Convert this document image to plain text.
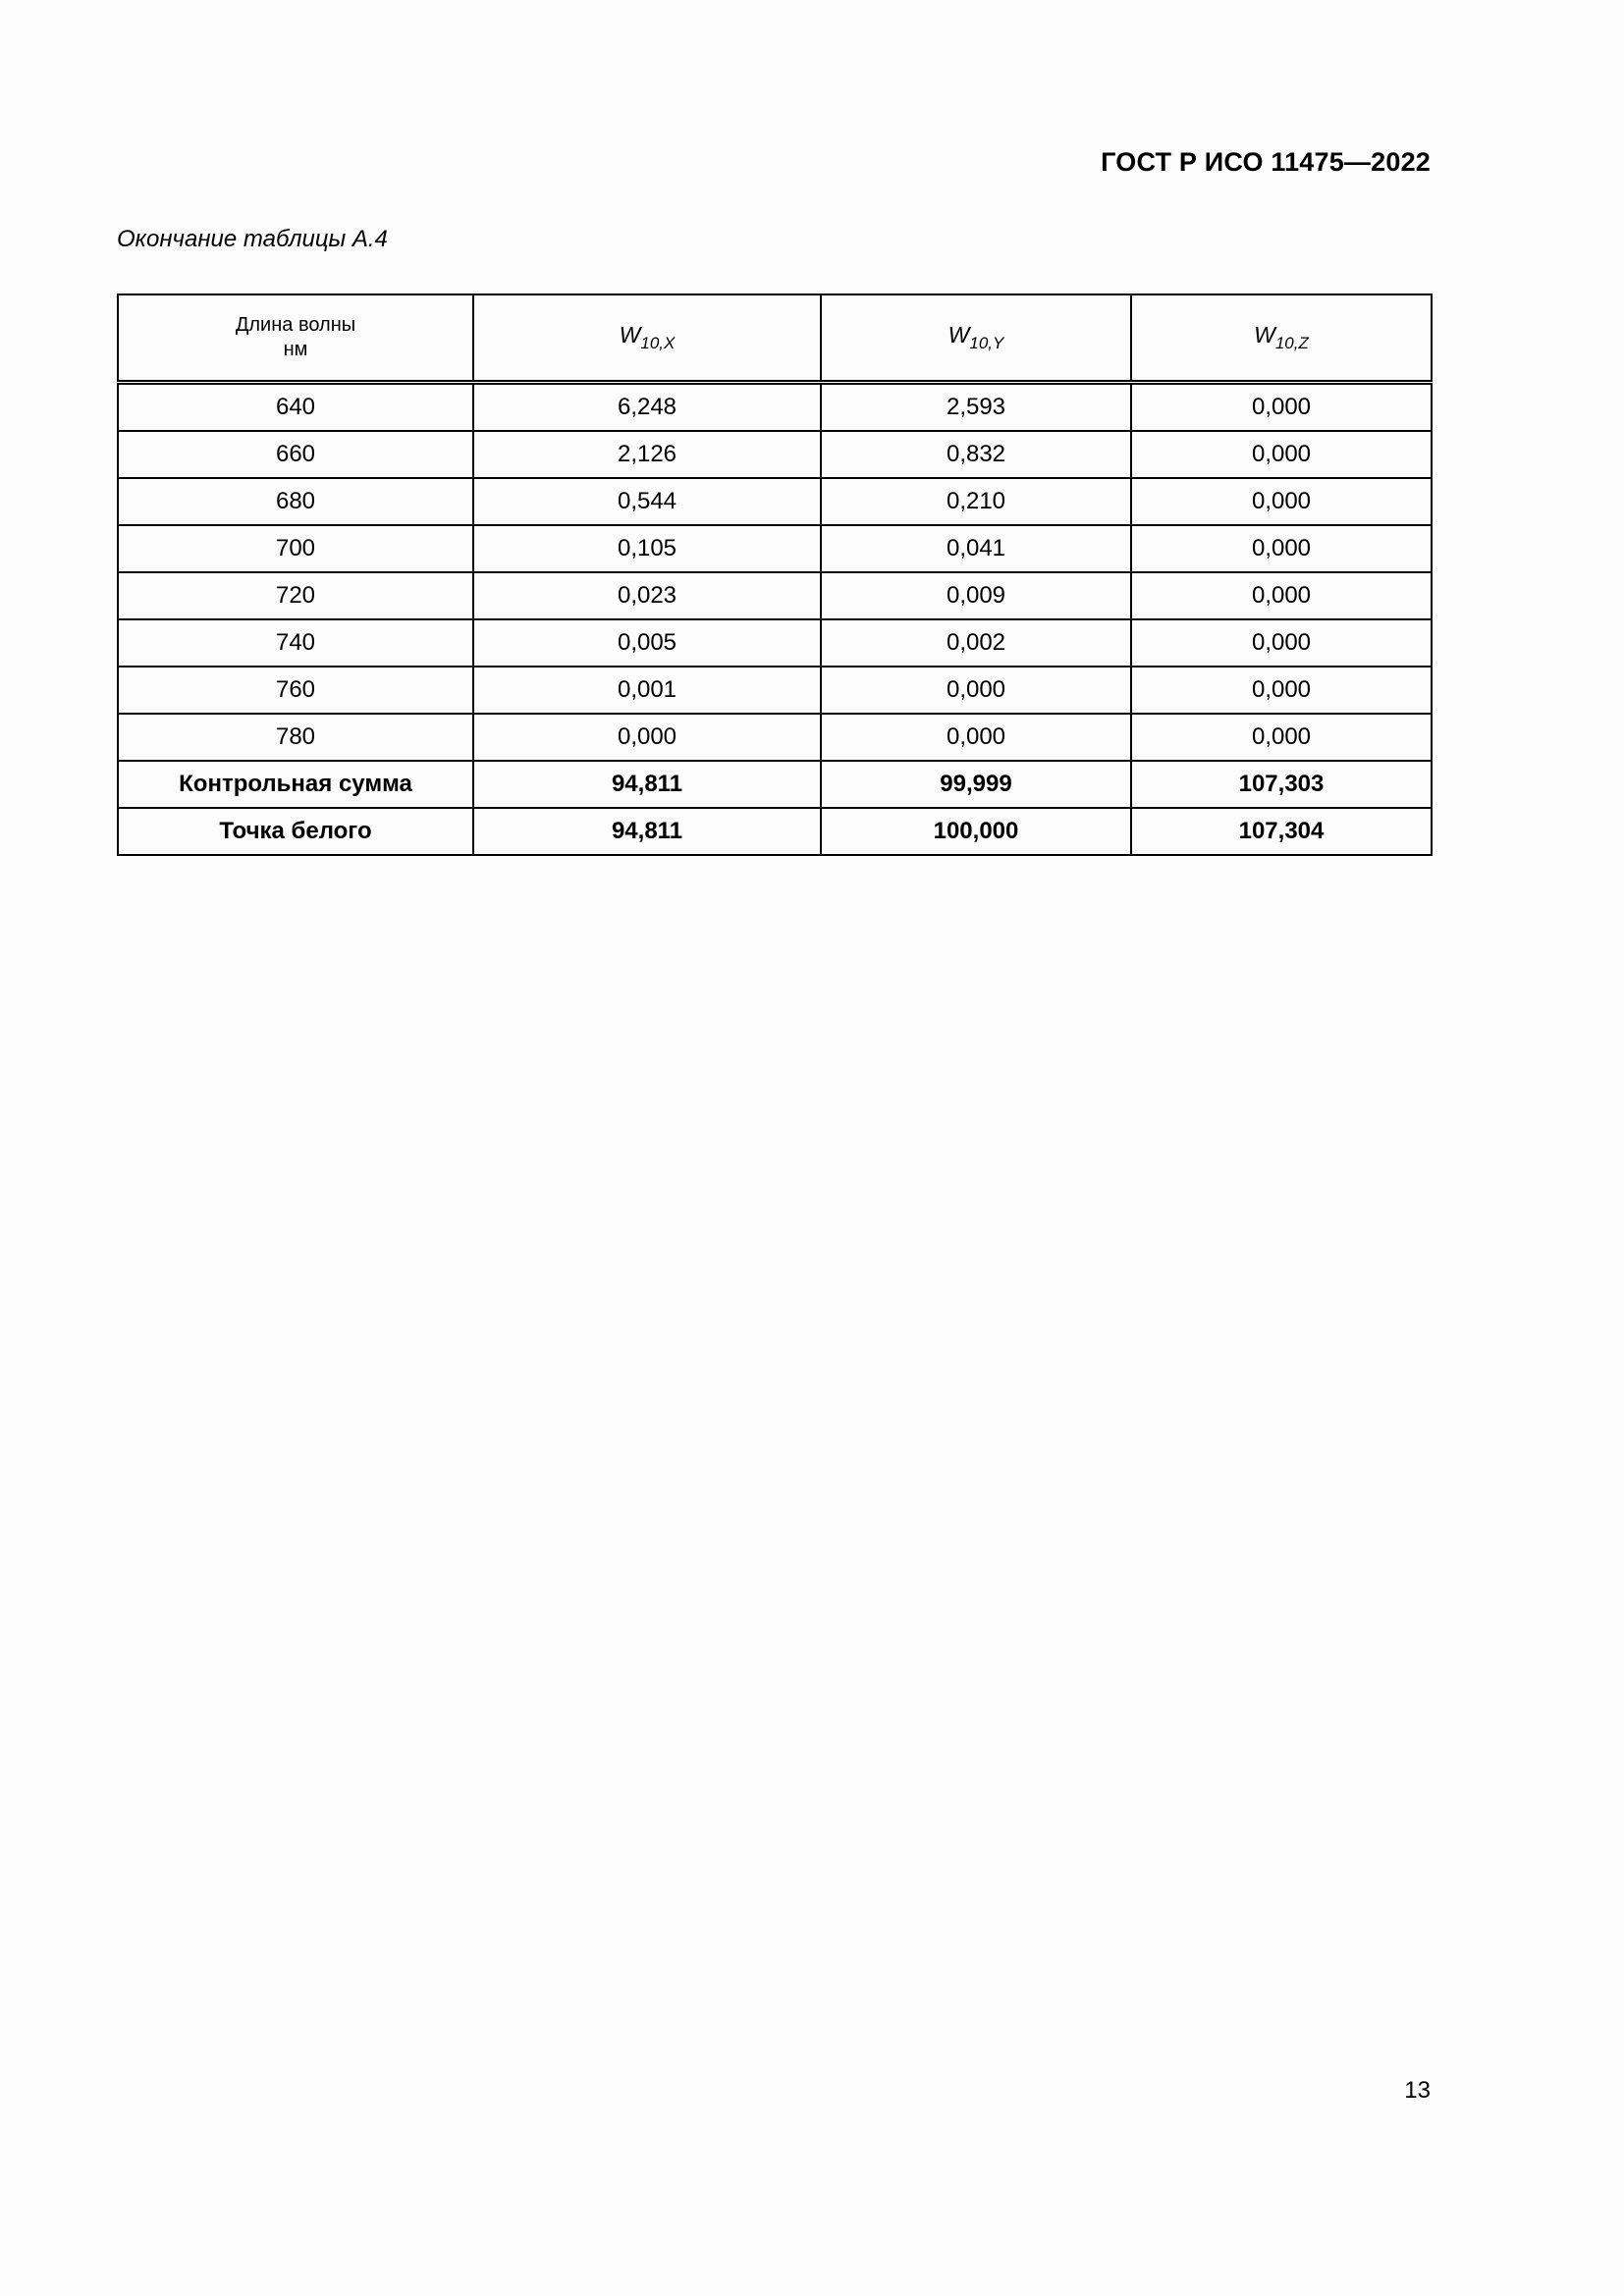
ГОСТ Р ИСО 11475—2022
Окончание таблицы А.4
Длина волны
нм	$W_{10,X}$	$W_{10,Y}$	$W_{10,Z}$
640	6,248	2,593	0,000
660	2,126	0,832	0,000
680	0,544	0,210	0,000
700	0,105	0,041	0,000
720	0,023	0,009	0,000
740	0,005	0,002	0,000
760	0,001	0,000	0,000
780	0,000	0,000	0,000
Контрольная сумма	94,811	99,999	107,303
Точка белого	94,811	100,000	107,304
13
